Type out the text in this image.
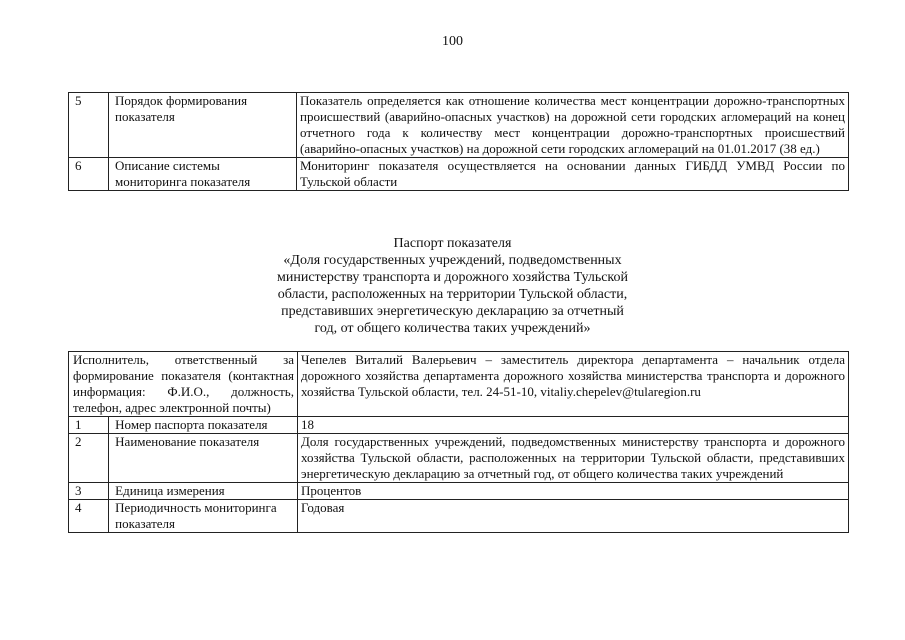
100
5	Порядок формирования показателя	Показатель определяется как отношение количества мест концентрации дорожно-транспортных происшествий (аварийно-опасных участков) на дорожной сети городских агломераций на конец отчетного года к количеству мест концентрации дорожно-транспортных происшествий (аварийно-опасных участков) на дорожной сети городских агломераций на 01.01.2017 (38 ед.)
6	Описание системы мониторинга показателя	Мониторинг показателя осуществляется на основании данных ГИБДД УМВД России по Тульской области
Паспорт показателя
«Доля государственных учреждений, подведомственных
министерству транспорта и дорожного хозяйства Тульской
области, расположенных на территории Тульской области,
представивших энергетическую декларацию за отчетный
год, от общего количества таких учреждений»
Исполнитель, ответственный за формирование показателя (контактная информация: Ф.И.О., должность, телефон, адрес электронной почты)		Чепелев Виталий Валерьевич – заместитель директора департамента – начальник отдела дорожного хозяйства департамента дорожного хозяйства министерства транспорта и дорожного хозяйства Тульской области, тел. 24-51-10, vitaliy.chepelev@tularegion.ru
1	Номер паспорта показателя	18
2	Наименование показателя	Доля государственных учреждений, подведомственных министерству транспорта и дорожного хозяйства Тульской области, расположенных на территории Тульской области, представивших энергетическую декларацию за отчетный год, от общего количества таких учреждений
3	Единица измерения	Процентов
4	Периодичность мониторинга показателя	Годовая
